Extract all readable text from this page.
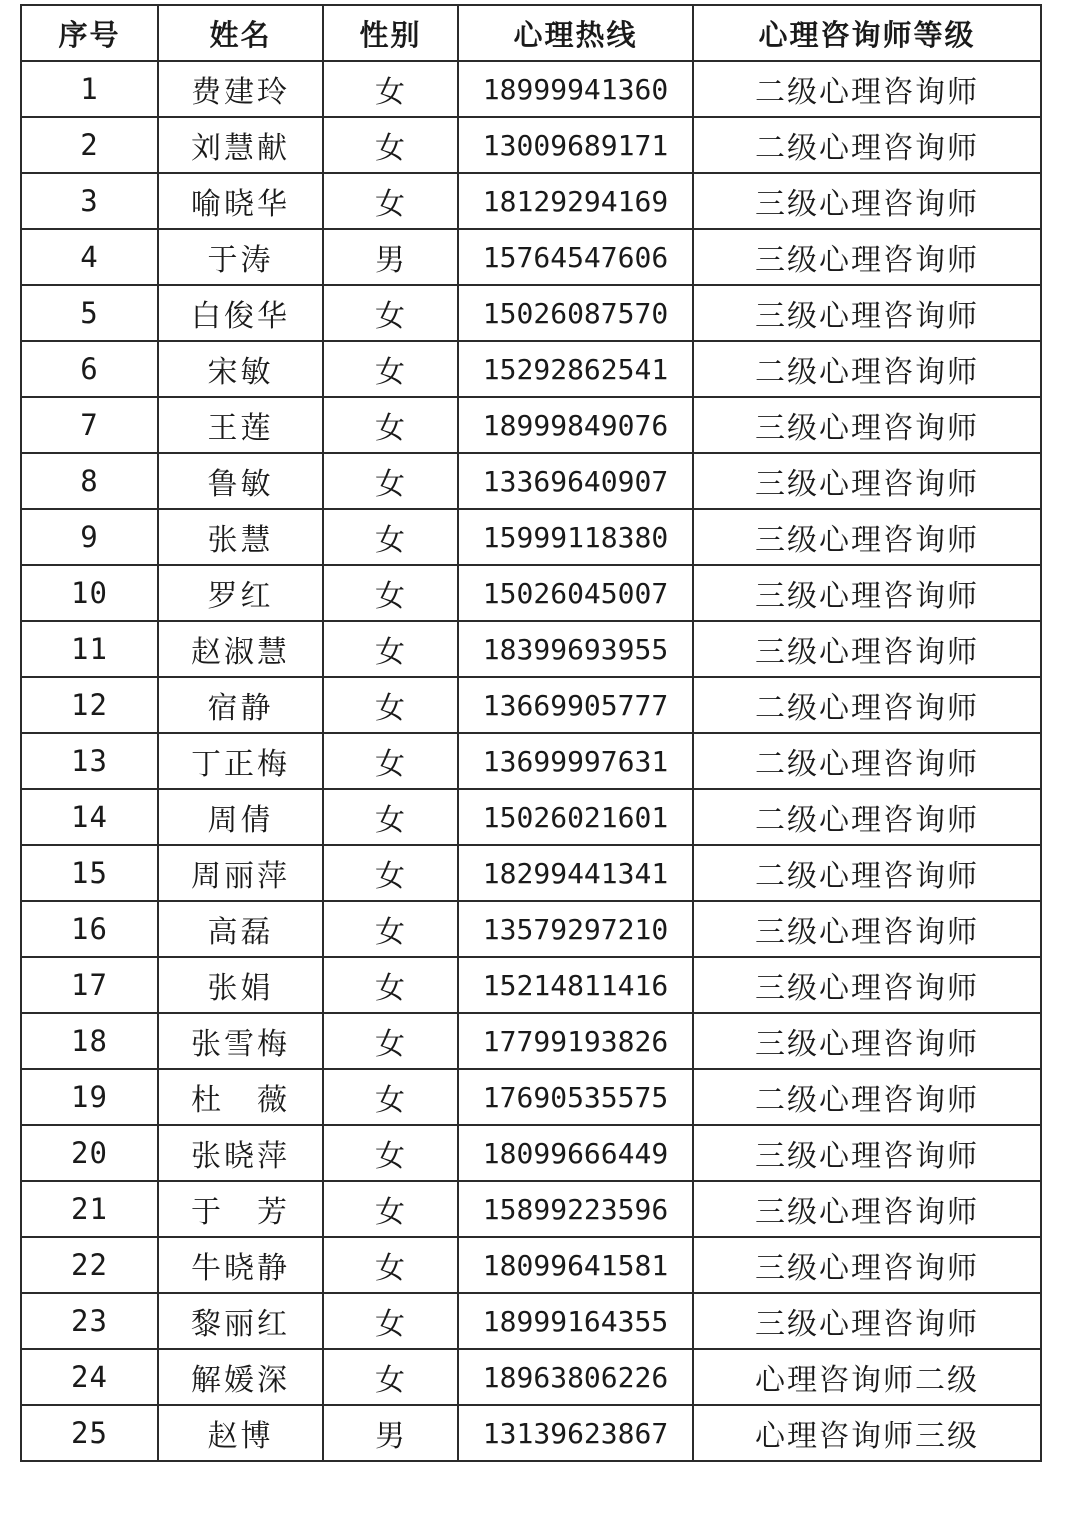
序号	姓名	性别	心理热线	心理咨询师等级
1	费建玲	女	18999941360	二级心理咨询师
2	刘慧献	女	13009689171	二级心理咨询师
3	喻晓华	女	18129294169	三级心理咨询师
4	于涛	男	15764547606	三级心理咨询师
5	白俊华	女	15026087570	三级心理咨询师
6	宋敏	女	15292862541	二级心理咨询师
7	王莲	女	18999849076	三级心理咨询师
8	鲁敏	女	13369640907	三级心理咨询师
9	张慧	女	15999118380	三级心理咨询师
10	罗红	女	15026045007	三级心理咨询师
11	赵淑慧	女	18399693955	三级心理咨询师
12	宿静	女	13669905777	二级心理咨询师
13	丁正梅	女	13699997631	二级心理咨询师
14	周倩	女	15026021601	二级心理咨询师
15	周丽萍	女	18299441341	二级心理咨询师
16	高磊	女	13579297210	三级心理咨询师
17	张娟	女	15214811416	三级心理咨询师
18	张雪梅	女	17799193826	三级心理咨询师
19	杜　薇	女	17690535575	二级心理咨询师
20	张晓萍	女	18099666449	三级心理咨询师
21	于　芳	女	15899223596	三级心理咨询师
22	牛晓静	女	18099641581	三级心理咨询师
23	黎丽红	女	18999164355	三级心理咨询师
24	解媛深	女	18963806226	心理咨询师二级
25	赵博	男	13139623867	心理咨询师三级
